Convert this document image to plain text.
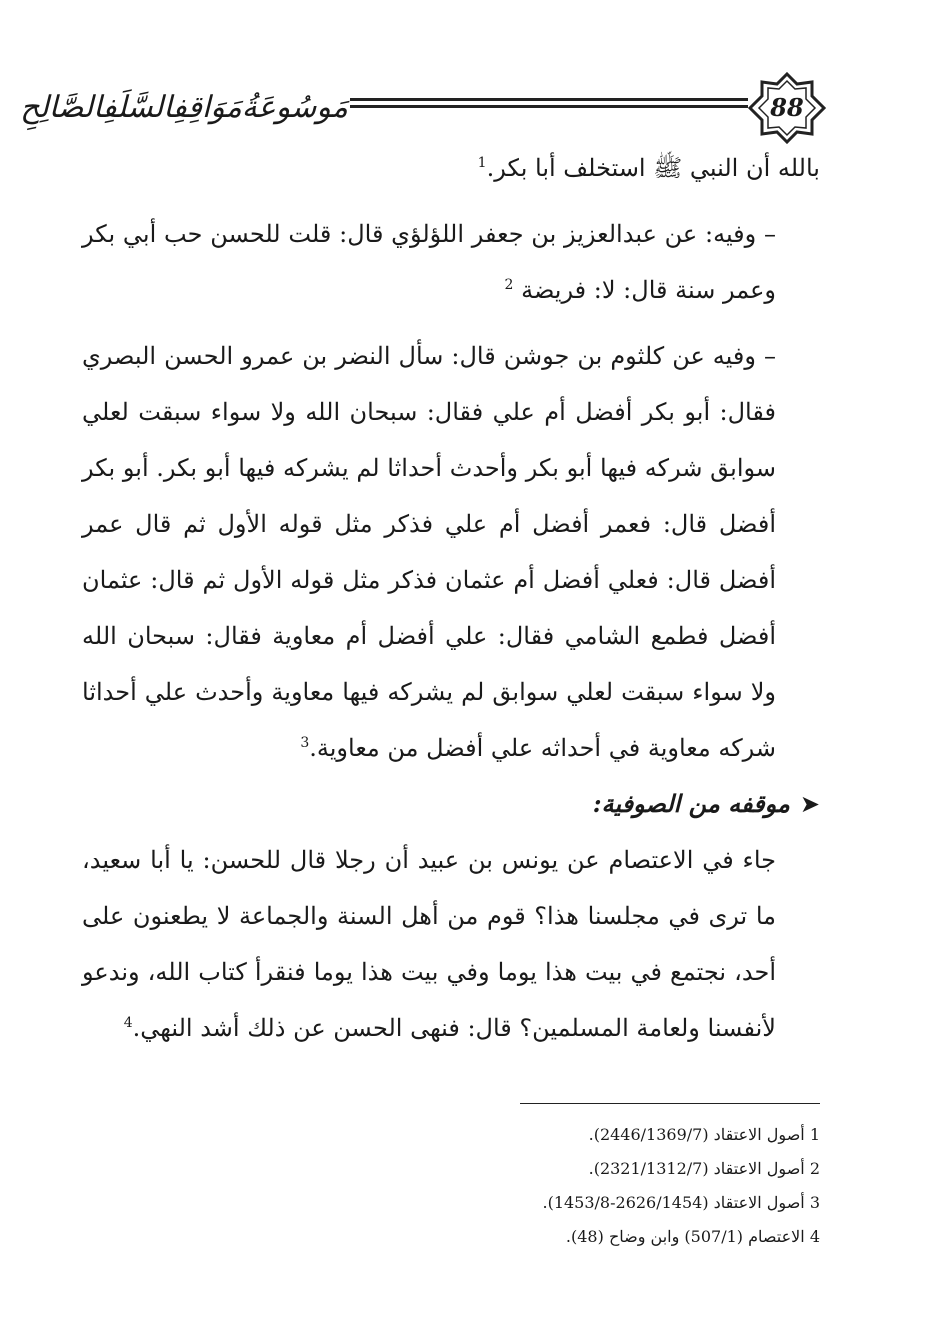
مَوسُوعَةُمَوَاقِفِالسَّلَفِالصَّالِحِ	88

بالله أن النبي ﷺ استخلف أبا بكر.$^1$

– وفيه: عن عبدالعزيز بن جعفر اللؤلؤي قال: قلت للحسن حب أبي بكر وعمر سنة قال: لا: فريضة $^2$

– وفيه عن كلثوم بن جوشن قال: سأل النضر بن عمرو الحسن البصري فقال: أبو بكر أفضل أم علي فقال: سبحان الله ولا سواء سبقت لعلي سوابق شركه فيها أبو بكر وأحدث أحداثا لم يشركه فيها أبو بكر. أبو بكر أفضل قال: فعمر أفضل أم علي فذكر مثل قوله الأول ثم قال عمر أفضل قال: فعلي أفضل أم عثمان فذكر مثل قوله الأول ثم قال: عثمان أفضل فطمع الشامي فقال: علي أفضل أم معاوية فقال: سبحان الله ولا سواء سبقت لعلي سوابق لم يشركه فيها معاوية وأحدث علي أحداثا شركه معاوية في أحداثه علي أفضل من معاوية.$^3$

➤موقفه من الصوفية:

جاء في الاعتصام عن يونس بن عبيد أن رجلا قال للحسن: يا أبا سعيد، ما ترى في مجلسنا هذا؟ قوم من أهل السنة والجماعة لا يطعنون على أحد، نجتمع في بيت هذا يوما وفي بيت هذا يوما فنقرأ كتاب الله، وندعو لأنفسنا ولعامة المسلمين؟ قال: فنهى الحسن عن ذلك أشد النهي.$^4$

1 أصول الاعتقاد (2446/1369/7).

2 أصول الاعتقاد (2321/1312/7).

3 أصول الاعتقاد (2626/1454-1453/8).

4 الاعتصام (507/1) وابن وضاح (48).
